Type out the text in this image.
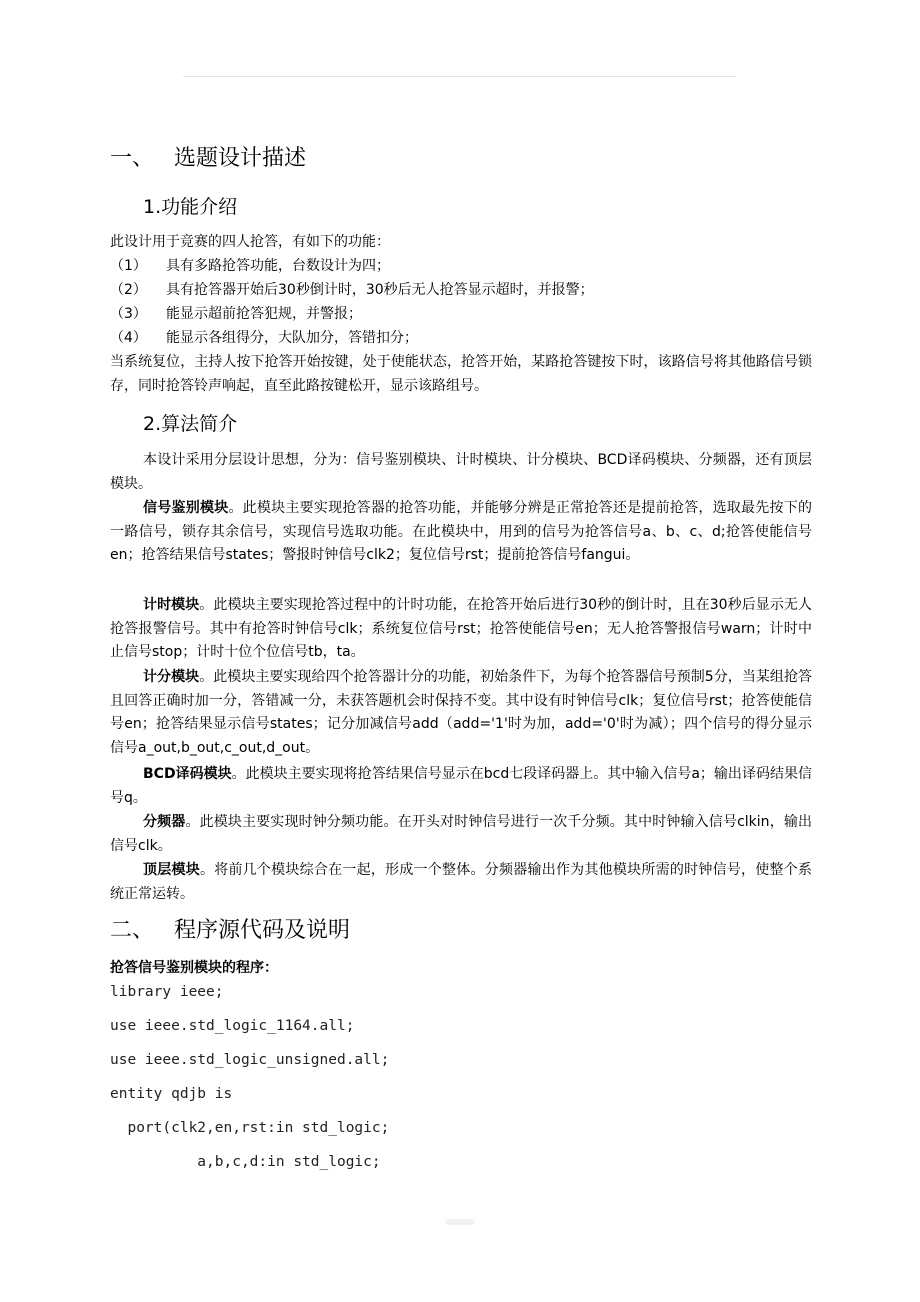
一、 选题设计描述
1.功能介绍
此设计用于竞赛的四人抢答，有如下的功能：
（1） 具有多路抢答功能，台数设计为四；
（2） 具有抢答器开始后30秒倒计时，30秒后无人抢答显示超时，并报警；
（3） 能显示超前抢答犯规，并警报；
（4） 能显示各组得分，大队加分，答错扣分；
当系统复位，主持人按下抢答开始按键，处于使能状态，抢答开始，某路抢答键按下时，该路信号将其他路信号锁存，同时抢答铃声响起，直至此路按键松开，显示该路组号。
2.算法简介
本设计采用分层设计思想，分为：信号鉴别模块、计时模块、计分模块、BCD译码模块、分频器，还有顶层模块。
信号鉴别模块。此模块主要实现抢答器的抢答功能，并能够分辨是正常抢答还是提前抢答，选取最先按下的一路信号，锁存其余信号，实现信号选取功能。在此模块中，用到的信号为抢答信号a、b、c、d;抢答使能信号en；抢答结果信号states；警报时钟信号clk2；复位信号rst；提前抢答信号fangui。
计时模块。此模块主要实现抢答过程中的计时功能，在抢答开始后进行30秒的倒计时，且在30秒后显示无人抢答报警信号。其中有抢答时钟信号clk；系统复位信号rst；抢答使能信号en；无人抢答警报信号warn；计时中止信号stop；计时十位个位信号tb，ta。
计分模块。此模块主要实现给四个抢答器计分的功能，初始条件下，为每个抢答器信号预制5分，当某组抢答且回答正确时加一分，答错减一分，未获答题机会时保持不变。其中设有时钟信号clk；复位信号rst；抢答使能信号en；抢答结果显示信号states；记分加减信号add（add='1'时为加，add='0'时为减）；四个信号的得分显示信号a_out,b_out,c_out,d_out。
BCD译码模块。此模块主要实现将抢答结果信号显示在bcd七段译码器上。其中输入信号a；输出译码结果信号q。
分频器。此模块主要实现时钟分频功能。在开头对时钟信号进行一次千分频。其中时钟输入信号clkin，输出信号clk。
顶层模块。将前几个模块综合在一起，形成一个整体。分频器输出作为其他模块所需的时钟信号，使整个系统正常运转。
二、 程序源代码及说明
抢答信号鉴别模块的程序：
library ieee;
use ieee.std_logic_1164.all;
use ieee.std_logic_unsigned.all;
entity qdjb is
port(clk2,en,rst:in std_logic;
a,b,c,d:in std_logic;
